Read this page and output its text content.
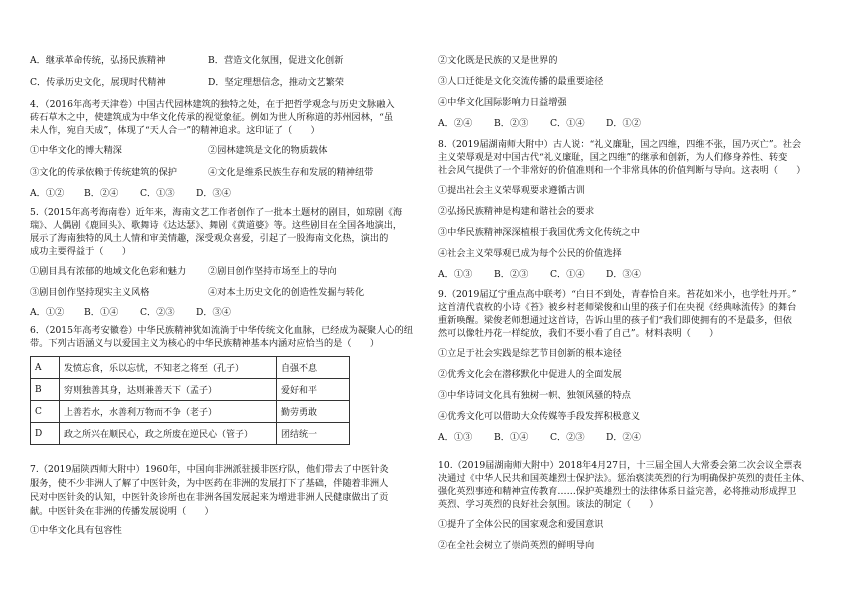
A．继承革命传统，弘扬民族精神	B．营造文化氛围，促进文化创新
C．传承历史文化，展现时代精神	D．坚定理想信念，推动文艺繁荣
4．（2016年高考天津卷）中国古代园林建筑的独特之处，在于把哲学观念与历史文脉融入
砖石草木之中，使建筑成为中华文化传承的视觉象征。例如为世人所称道的苏州园林，“虽
未人作，宛自天成”，体现了“天人合一”的精神追求。这印证了（　　）
①中华文化的博大精深	②园林建筑是文化的物质载体
③文化的传承依赖于传统建筑的保护	④文化是维系民族生存和发展的精神纽带
A．①② B．②④ C．①③ D．③④
5.（2015年高考海南卷）近年来，海南文艺工作者创作了一批本土题材的剧目，如琼剧《海
瑞》、人偶剧《鹿回头》、歌舞诗《达达瑟》、舞剧《黄道婆》等。这些剧目在全国各地演出，
展示了海南独特的风土人情和审美情趣，深受观众喜爱，引起了一股海南文化热，演出的
成功主要得益于（　　）
①剧目具有浓郁的地域文化色彩和魅力 ②剧目创作坚持市场至上的导向
③剧目创作坚持现实主义风格	④对本土历史文化的创造性发掘与转化
A．①② B．①④ C．②③ D．③④
6．（2015年高考安徽卷）中华民族精神犹如流淌于中华传统文化血脉，已经成为凝聚人心的纽
带。下列古语涵义与以爱国主义为核心的中华民族精神基本内涵对应恰当的是（　　）
A	发愤忘食，乐以忘忧，不知老之将至（孔子）	自强不息
B	穷则独善其身，达则兼善天下（孟子）	爱好和平
C	上善若水，水善利万物而不争（老子）	勤劳勇敢
D	政之所兴在顺民心，政之所废在逆民心（管子）	团结统一
7.（2019届陕西师大附中）1960年，中国向非洲派驻援非医疗队，他们带去了中医针灸
服务，使不少非洲人了解了中医针灸，为中医药在非洲的发展打下了基础，伴随着非洲人
民对中医针灸的认知，中医针灸诊所也在非洲各国发展起来为增进非洲人民健康做出了贡
献。中医针灸在非洲的传播发展说明（　　）
①中华文化具有包容性
②文化既是民族的又是世界的
③人口迁徙是文化交流传播的最重要途径
④中华文化国际影响力日益增强
A．②④ B．②③ C．①④ D．①②
8.（2019届湖南师大附中）古人说：“礼义廉耻，国之四维，四维不张，国乃灭亡”。社会
主义荣辱观是对中国古代“礼义廉耻，国之四维”的继承和创新，为人们修身养性、转变
社会风气提供了一个非常好的价值准则和一个非常具体的价值判断与导向。这表明（　　）
①提出社会主义荣辱观要求遵循古训
②弘扬民族精神是构建和谐社会的要求
③中华民族精神深深植根于我国优秀文化传统之中
④社会主义荣辱观已成为每个公民的价值选择
A．①③ B．②③ C．①④ D．③④
9.（2019届辽宁重点高中联考）“白日不到处，青春恰自来。苔花如米小，也学牡丹开。”
这首清代袁枚的小诗《苔》被乡村老师梁俊和山里的孩子们在央视《经典咏流传》的舞台
重新唤醒。梁俊老师想通过这首诗，告诉山里的孩子们“我们即使拥有的不是最多，但依
然可以像牡丹花一样绽放，我们不要小看了自己”。材料表明（　　）
①立足于社会实践是综艺节目创新的根本途径
②优秀文化会在潜移默化中促进人的全面发展
③中华诗词文化具有独树一帜、独领风骚的特点
④优秀文化可以借助大众传媒等手段发挥积极意义
A．①③ B．①④ C．②③ D．②④
10.（2019届湖南师大附中）2018年4月27日，十三届全国人大常委会第二次会议全票表
决通过《中华人民共和国英雄烈士保护法》。惩治亵渎英烈的行为明确保护英烈的责任主体、
强化英烈事迹和精神宣传教育……保护英雄烈士的法律体系日益完善，必将推动形成捍卫
英烈、学习英烈的良好社会氛围。该法的制定（　　）
①提升了全体公民的国家观念和爱国意识
②在全社会树立了崇尚英烈的鲜明导向
